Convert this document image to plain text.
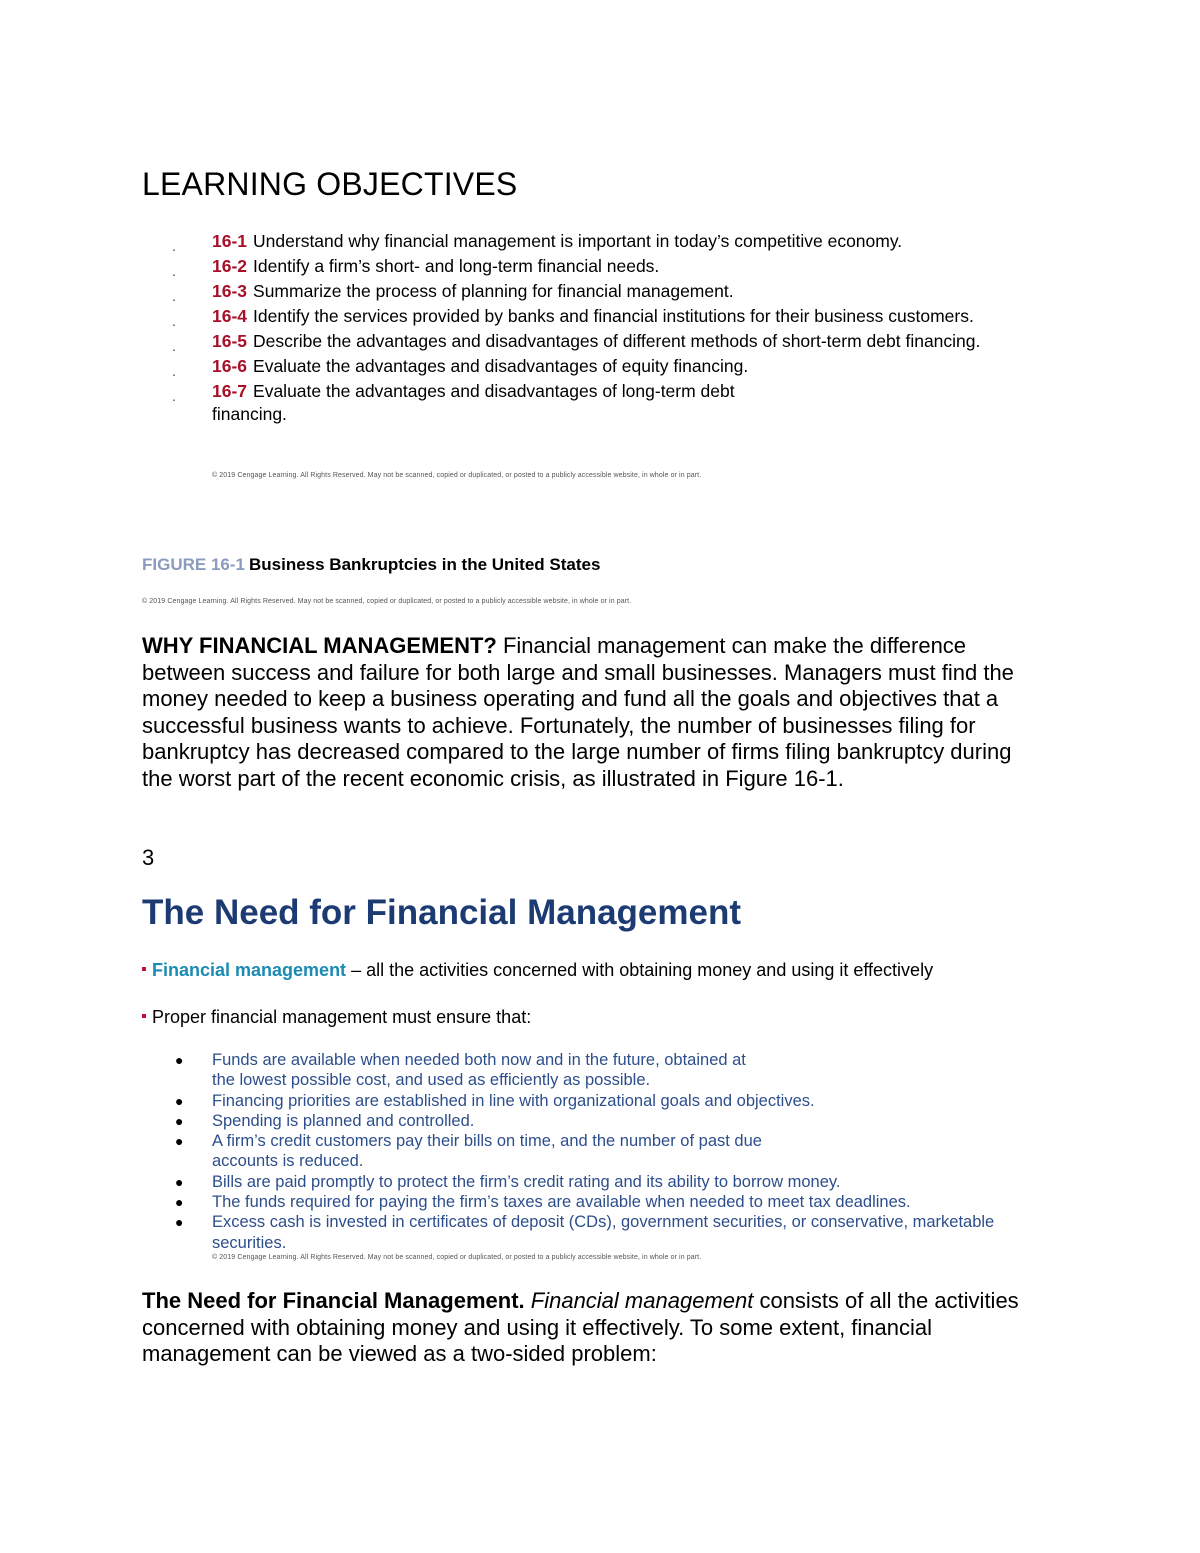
LEARNING OBJECTIVES
. 16-1 Understand why financial management is important in today’s competitive economy.
. 16-2 Identify a firm’s short- and long-term financial needs.
. 16-3 Summarize the process of planning for financial management.
. 16-4 Identify the services provided by banks and financial institutions for their business customers.
. 16-5 Describe the advantages and disadvantages of different methods of short-term debt financing.
. 16-6 Evaluate the advantages and disadvantages of equity financing.
. 16-7 Evaluate the advantages and disadvantages of long-term debt financing.
© 2019 Cengage Learning. All Rights Reserved. May not be scanned, copied or duplicated, or posted to a publicly accessible website, in whole or in part.
FIGURE 16-1 Business Bankruptcies in the United States
© 2019 Cengage Learning. All Rights Reserved. May not be scanned, copied or duplicated, or posted to a publicly accessible website, in whole or in part.

WHY FINANCIAL MANAGEMENT? Financial management can make the difference between success and failure for both large and small businesses. Managers must find the money needed to keep a business operating and fund all the goals and objectives that a successful business wants to achieve. Fortunately, the number of businesses filing for bankruptcy has decreased compared to the large number of firms filing bankruptcy during the worst part of the recent economic crisis, as illustrated in Figure 16-1.

3
The Need for Financial Management
Financial management – all the activities concerned with obtaining money and using it effectively
Proper financial management must ensure that:
● Funds are available when needed both now and in the future, obtained at the lowest possible cost, and used as efficiently as possible.
● Financing priorities are established in line with organizational goals and objectives.
● Spending is planned and controlled.
● A firm’s credit customers pay their bills on time, and the number of past due accounts is reduced.
● Bills are paid promptly to protect the firm’s credit rating and its ability to borrow money.
● The funds required for paying the firm’s taxes are available when needed to meet tax deadlines.
● Excess cash is invested in certificates of deposit (CDs), government securities, or conservative, marketable securities.
© 2019 Cengage Learning. All Rights Reserved. May not be scanned, copied or duplicated, or posted to a publicly accessible website, in whole or in part.

The Need for Financial Management. Financial management consists of all the activities concerned with obtaining money and using it effectively. To some extent, financial management can be viewed as a two-sided problem:
